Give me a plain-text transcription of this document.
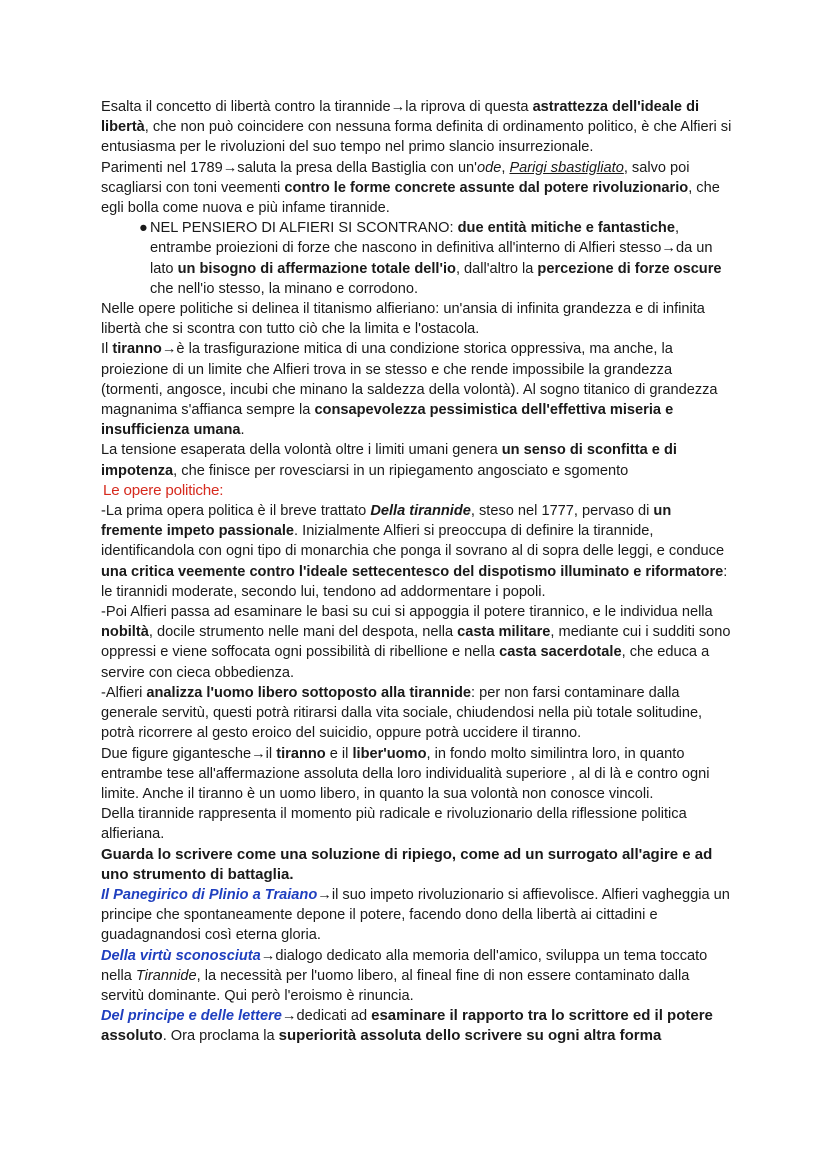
Esalta il concetto di libertà contro la tirannide→la riprova di questa astrattezza dell'ideale di libertà, che non può coincidere con nessuna forma definita di ordinamento politico, è che Alfieri si entusiasma per le rivoluzioni del suo tempo nel primo slancio insurrezionale.

Parimenti nel 1789→saluta la presa della Bastiglia con un'ode, Parigi sbastigliato, salvo poi scagliarsi con toni veementi contro le forme concrete assunte dal potere rivoluzionario, che egli bolla come nuova e più infame tirannide.

● NEL PENSIERO DI ALFIERI SI SCONTRANO: due entità mitiche e fantastiche, entrambe proiezioni di forze che nascono in definitiva all'interno di Alfieri stesso→da un lato un bisogno di affermazione totale dell'io, dall'altro la percezione di forze oscure che nell'io stesso, la minano e corrodono.

Nelle opere politiche si delinea il titanismo alfieriano: un'ansia di infinita grandezza e di infinita libertà che si scontra con tutto ciò che la limita e l'ostacola.

Il tiranno→è la trasfigurazione mitica di una condizione storica oppressiva, ma anche, la proiezione di un limite che Alfieri trova in se stesso e che rende impossibile la grandezza (tormenti, angosce, incubi che minano la saldezza della volontà). Al sogno titanico di grandezza magnanima s'affianca sempre la consapevolezza pessimistica dell'effettiva miseria e insufficienza umana.

La tensione esaperata della volontà oltre i limiti umani genera un senso di sconfitta e di impotenza, che finisce per rovesciarsi in un ripiegamento angosciato e sgomento

Le opere politiche:

-La prima opera politica è il breve trattato Della tirannide, steso nel 1777, pervaso di un fremente impeto passionale. Inizialmente Alfieri si preoccupa di definire la tirannide, identificandola con ogni tipo di monarchia che ponga il sovrano al di sopra delle leggi, e conduce una critica veemente contro l'ideale settecentesco del dispotismo illuminato e riformatore: le tirannidi moderate, secondo lui, tendono ad addormentare i popoli.

-Poi Alfieri passa ad esaminare le basi su cui si appoggia il potere tirannico, e le individua nella nobiltà, docile strumento nelle mani del despota, nella casta militare, mediante cui i sudditi sono oppressi e viene soffocata ogni possibilità di ribellione e nella casta sacerdotale, che educa a servire con cieca obbedienza.

-Alfieri analizza l'uomo libero sottoposto alla tirannide: per non farsi contaminare dalla generale servitù, questi potrà ritirarsi dalla vita sociale, chiudendosi nella più totale solitudine, potrà ricorrere al gesto eroico del suicidio, oppure potrà uccidere il tiranno.

Due figure gigantesche→il tiranno e il liber'uomo, in fondo molto similintra loro, in quanto entrambe tese all'affermazione assoluta della loro individualità superiore , al di là e contro ogni limite. Anche il tiranno è un uomo libero, in quanto la sua volontà non conosce vincoli.

Della tirannide rappresenta il momento più radicale e rivoluzionario della riflessione politica alfieriana.

Guarda lo scrivere come una soluzione di ripiego, come ad un surrogato all'agire e ad uno strumento di battaglia.

Il Panegirico di Plinio a Traiano→il suo impeto rivoluzionario si affievolisce. Alfieri vagheggia un principe che spontaneamente depone il potere, facendo dono della libertà ai cittadini e guadagnandosi così eterna gloria.

Della virtù sconosciuta→dialogo dedicato alla memoria dell'amico, sviluppa un tema toccato nella Tirannide, la necessità per l'uomo libero, al fineal fine di non essere contaminato dalla servitù dominante. Qui però l'eroismo è rinuncia.

Del principe e delle lettere→dedicati ad esaminare il rapporto tra lo scrittore ed il potere assoluto. Ora proclama la superiorità assoluta dello scrivere su ogni altra forma
